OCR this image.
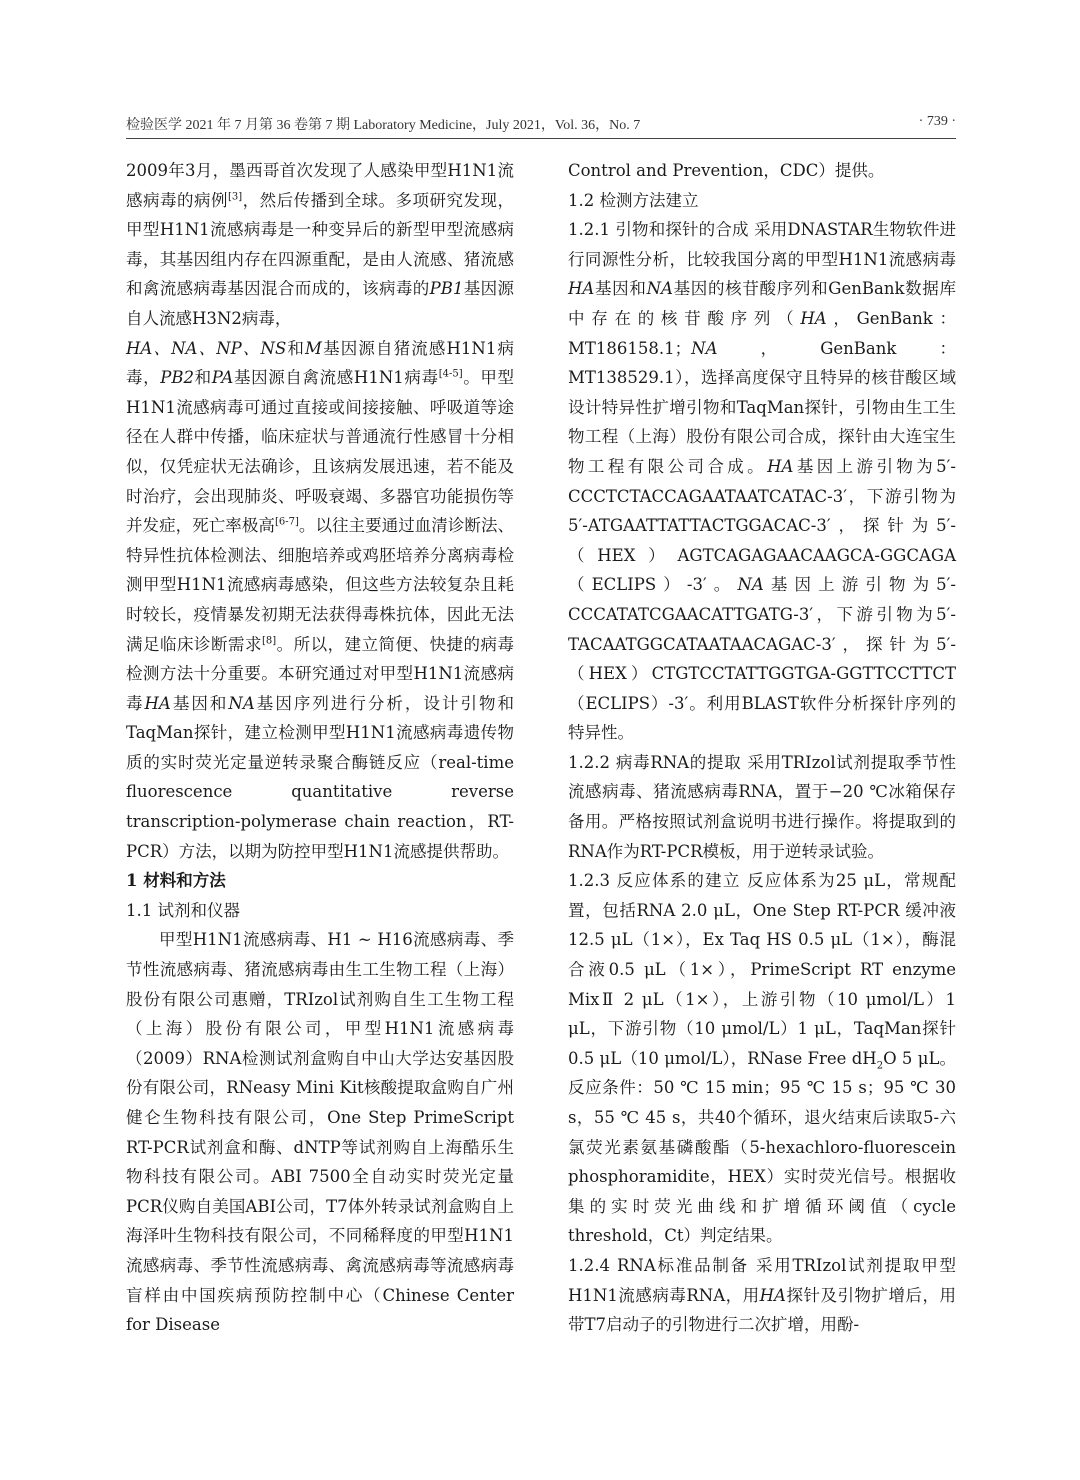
检验医学 2021 年 7 月第 36 卷第 7 期 Laboratory Medicine，July 2021，Vol. 36，No. 7	· 739 ·

2009年3月，墨西哥首次发现了人感染甲型H1N1流感病毒的病例[3]，然后传播到全球。多项研究发现，甲型H1N1流感病毒是一种变异后的新型甲型流感病毒，其基因组内存在四源重配，是由人流感、猪流感和禽流感病毒基因混合而成的，该病毒的PB1基因源自人流感H3N2病毒，
HA、NA、NP、NS和M基因源自猪流感H1N1病毒，PB2和PA基因源自禽流感H1N1病毒[4-5]。甲型H1N1流感病毒可通过直接或间接接触、呼吸道等途径在人群中传播，临床症状与普通流行性感冒十分相似，仅凭症状无法确诊，且该病发展迅速，若不能及时治疗，会出现肺炎、呼吸衰竭、多器官功能损伤等并发症，死亡率极高[6-7]。以往主要通过血清诊断法、特异性抗体检测法、细胞培养或鸡胚培养分离病毒检测甲型H1N1流感病毒感染，但这些方法较复杂且耗时较长，疫情暴发初期无法获得毒株抗体，因此无法满足临床诊断需求[8]。所以，建立简便、快捷的病毒检测方法十分重要。本研究通过对甲型H1N1流感病毒HA基因和NA基因序列进行分析，设计引物和TaqMan探针，建立检测甲型H1N1流感病毒遗传物质的实时荧光定量逆转录聚合酶链反应（real-time fluorescence quantitative reverse transcription-polymerase chain reaction，RT-PCR）方法，以期为防控甲型H1N1流感提供帮助。

1 材料和方法

1.1 试剂和仪器

甲型H1N1流感病毒、H1 ~ H16流感病毒、季节性流感病毒、猪流感病毒由生工生物工程（上海）股份有限公司惠赠，TRIzol试剂购自生工生物工程（上海）股份有限公司，甲型H1N1流感病毒（2009）RNA检测试剂盒购自中山大学达安基因股份有限公司，RNeasy Mini Kit核酸提取盒购自广州健仑生物科技有限公司，One Step PrimeScript RT-PCR试剂盒和酶、dNTP等试剂购自上海酷乐生物科技有限公司。ABI 7500全自动实时荧光定量PCR仪购自美国ABI公司，T7体外转录试剂盒购自上海泽叶生物科技有限公司，不同稀释度的甲型H1N1流感病毒、季节性流感病毒、禽流感病毒等流感病毒盲样由中国疾病预防控制中心（Chinese Center for Disease

Control and Prevention，CDC）提供。

1.2 检测方法建立

1.2.1 引物和探针的合成 采用DNASTAR生物软件进行同源性分析，比较我国分离的甲型H1N1流感病毒HA基因和NA基因的核苷酸序列和GenBank数据库中存在的核苷酸序列（HA，GenBank：MT186158.1；NA，GenBank：MT138529.1），选择高度保守且特异的核苷酸区域设计特异性扩增引物和TaqMan探针，引物由生工生物工程（上海）股份有限公司合成，探针由大连宝生物工程有限公司合成。HA基因上游引物为5′-CCCTCTACCAGAATAATCATAC-3′，下游引物为5′-ATGAATTATTACTGGACAC-3′，探针为5′-（HEX）AGTCAGAGAACAAGCA-GGCAGA（ECLIPS）-3′。NA基因上游引物为5′-CCCATATCGAACATTGATG-3′，下游引物为5′-TACAATGGCATAATAACAGAC-3′，探针为5′-（HEX）CTGTCCTATTGGTGA-GGTTCCTTCT（ECLIPS）-3′。利用BLAST软件分析探针序列的特异性。

1.2.2 病毒RNA的提取 采用TRIzol试剂提取季节性流感病毒、猪流感病毒RNA，置于−20 ℃冰箱保存备用。严格按照试剂盒说明书进行操作。将提取到的RNA作为RT-PCR模板，用于逆转录试验。

1.2.3 反应体系的建立 反应体系为25 μL，常规配置，包括RNA 2.0 μL，One Step RT-PCR 缓冲液12.5 μL（1×），Ex Taq HS 0.5 μL（1×），酶混合液0.5 μL（1×），PrimeScript RT enzyme MixⅡ 2 μL（1×），上游引物（10 μmol/L）1 μL，下游引物（10 μmol/L）1 μL，TaqMan探针0.5 μL（10 μmol/L），RNase Free $dH_2O$ 5 μL。反应条件：50 ℃ 15 min；95 ℃ 15 s；95 ℃ 30 s，55 ℃ 45 s，共40个循环，退火结束后读取5-六氯荧光素氨基磷酸酯（5-hexachloro-fluorescein phosphoramidite，HEX）实时荧光信号。根据收集的实时荧光曲线和扩增循环阈值（cycle threshold，Ct）判定结果。

1.2.4 RNA标准品制备 采用TRIzol试剂提取甲型H1N1流感病毒RNA，用HA探针及引物扩增后，用带T7启动子的引物进行二次扩增，用酚-
